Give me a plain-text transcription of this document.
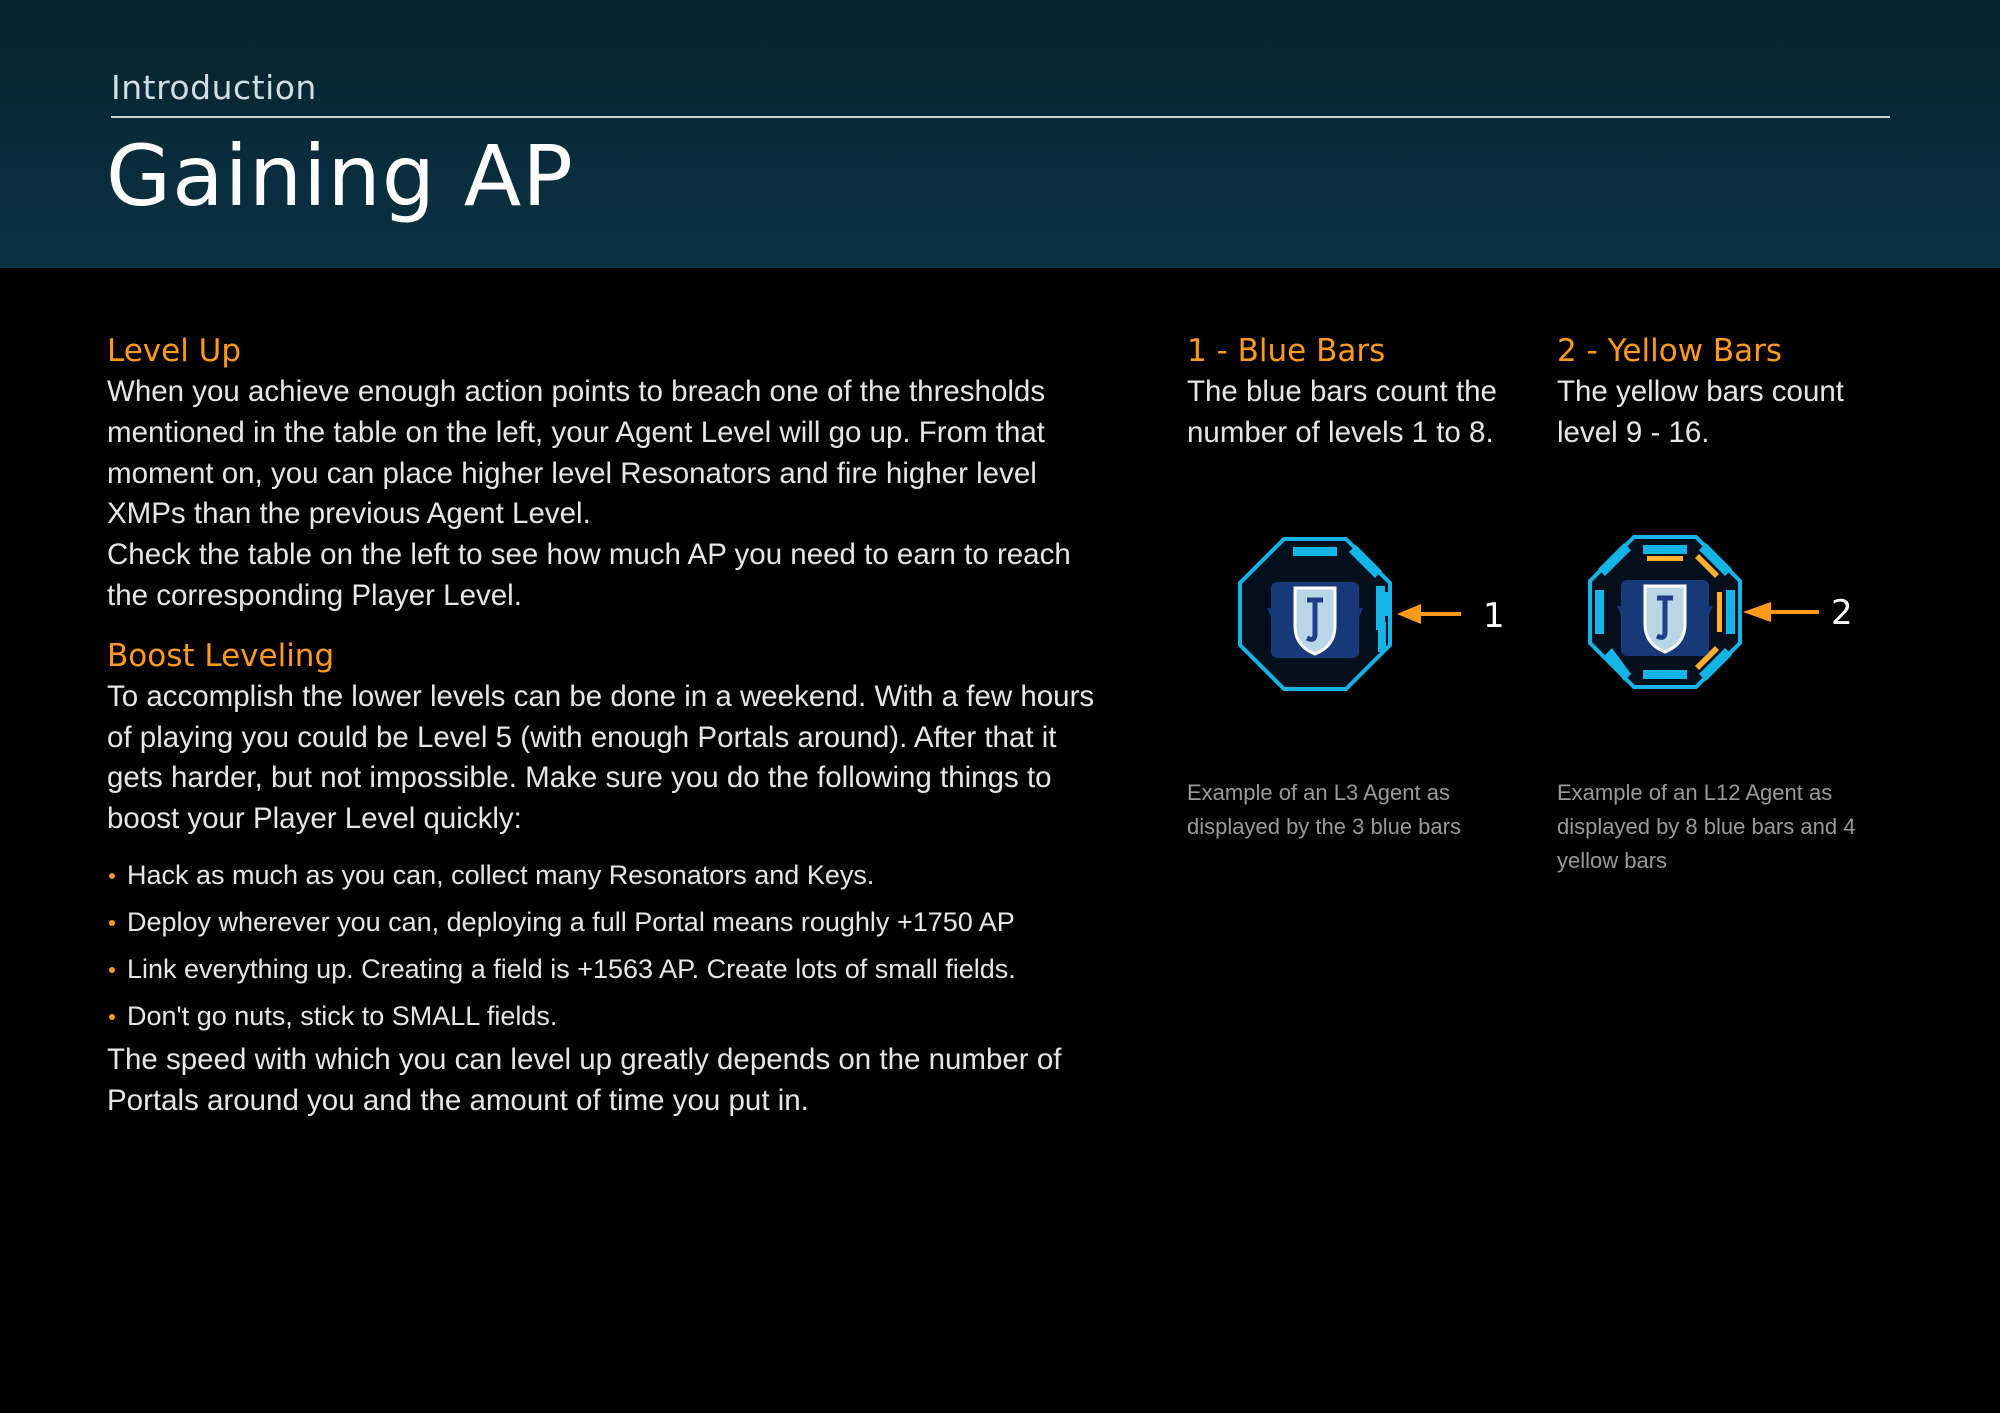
Introduction
Gaining AP
Level Up

When you achieve enough action points to breach one of the thresholds mentioned in the table on the left, your Agent Level will go up. From that moment on, you can place higher level Resonators and fire higher level XMPs than the previous Agent Level.

Check the table on the left to see how much AP you need to earn to reach the corresponding Player Level.

Boost Leveling

To accomplish the lower levels can be done in a weekend. With a few hours of playing you could be Level 5 (with enough Portals around). After that it gets harder, but not impossible. Make sure you do the following things to boost your Player Level quickly:

Hack as much as you can, collect many Resonators and Keys.
Deploy wherever you can, deploying a full Portal means roughly +1750 AP
Link everything up. Creating a field is +1563 AP. Create lots of small fields.
Don't go nuts, stick to SMALL fields.

The speed with which you can level up greatly depends on the number of Portals around you and the amount of time you put in.

1 - Blue Bars

The blue bars count the number of levels 1 to 8.

2 - Yellow Bars

The yellow bars count level 9 - 16.

1	2
Example of an L3 Agent as displayed by the 3 blue bars
Example of an L12 Agent as displayed by 8 blue bars and 4 yellow bars
